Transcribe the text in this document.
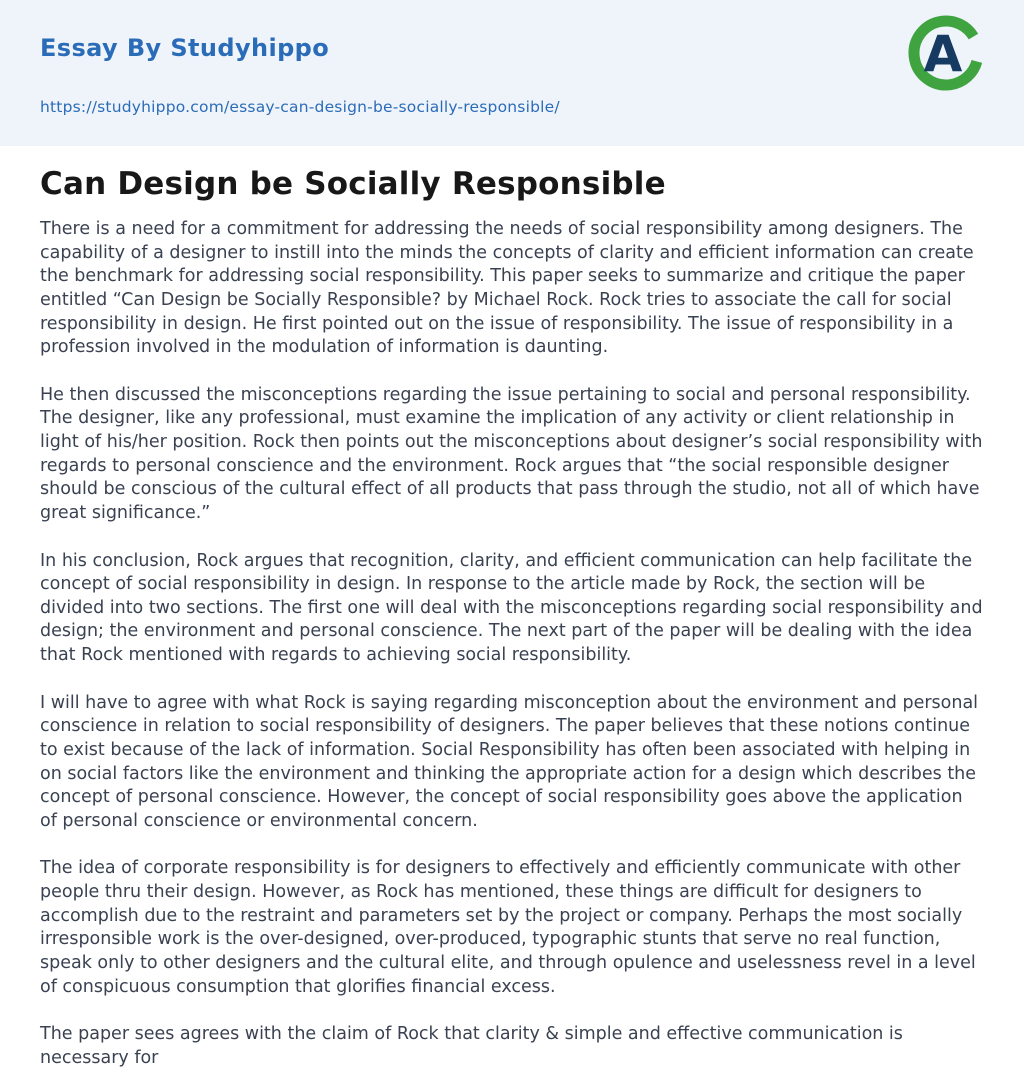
Essay By Studyhippo

https://studyhippo.com/essay-can-design-be-socially-responsible/
A
Can Design be Socially Responsible

There is a need for a commitment for addressing the needs of social responsibility among designers. The capability of a designer to instill into the minds the concepts of clarity and efficient information can create the benchmark for addressing social responsibility. This paper seeks to summarize and critique the paper entitled “Can Design be Socially Responsible? by Michael Rock. Rock tries to associate the call for social responsibility in design. He first pointed out on the issue of responsibility. The issue of responsibility in a profession involved in the modulation of information is daunting.

He then discussed the misconceptions regarding the issue pertaining to social and personal responsibility. The designer, like any professional, must examine the implication of any activity or client relationship in light of his/her position. Rock then points out the misconceptions about designer’s social responsibility with regards to personal conscience and the environment. Rock argues that “the social responsible designer should be conscious of the cultural effect of all products that pass through the studio, not all of which have great significance.”

In his conclusion, Rock argues that recognition, clarity, and efficient communication can help facilitate the concept of social responsibility in design. In response to the article made by Rock, the section will be divided into two sections. The first one will deal with the misconceptions regarding social responsibility and design; the environment and personal conscience. The next part of the paper will be dealing with the idea that Rock mentioned with regards to achieving social responsibility.

I will have to agree with what Rock is saying regarding misconception about the environment and personal conscience in relation to social responsibility of designers. The paper believes that these notions continue to exist because of the lack of information. Social Responsibility has often been associated with helping in on social factors like the environment and thinking the appropriate action for a design which describes the concept of personal conscience. However, the concept of social responsibility goes above the application of personal conscience or environmental concern.

The idea of corporate responsibility is for designers to effectively and efficiently communicate with other people thru their design. However, as Rock has mentioned, these things are difficult for designers to accomplish due to the restraint and parameters set by the project or company. Perhaps the most socially irresponsible work is the over-designed, over-produced, typographic stunts that serve no real function, speak only to other designers and the cultural elite, and through opulence and uselessness revel in a level of conspicuous consumption that glorifies financial excess.

The paper sees agrees with the claim of Rock that clarity & simple and effective communication is necessary for
